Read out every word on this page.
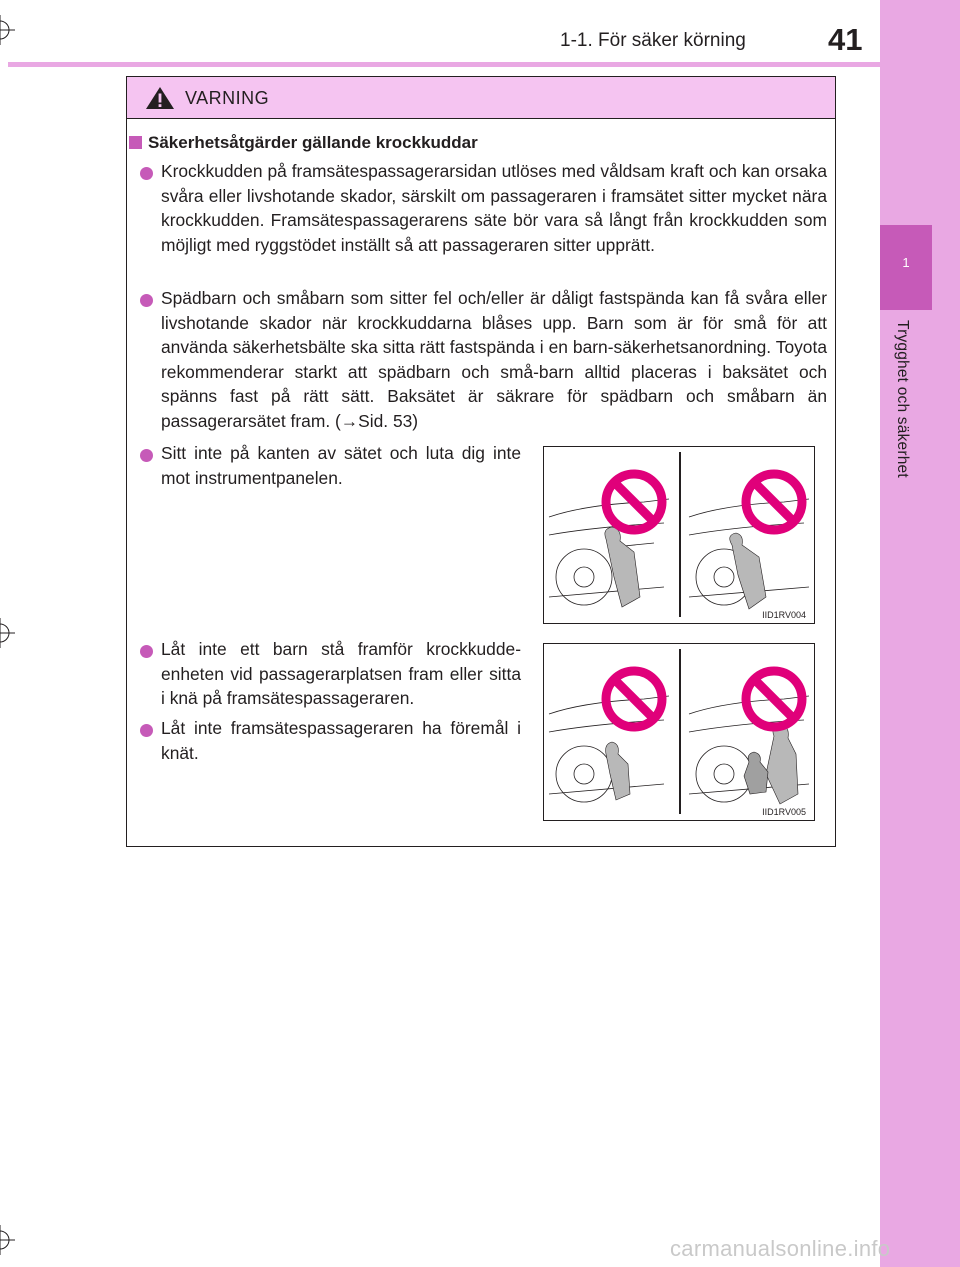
1
Trygghet och säkerhet
1-1. För säker körning	41
VARNING
Säkerhetsåtgärder gällande krockkuddar
Krockkudden på framsätespassagerarsidan utlöses med våldsam kraft och kan orsaka svåra eller livshotande skador, särskilt om passageraren i framsätet sitter mycket nära krockkudden. Framsätespassagerarens säte bör vara så långt från krockkudden som möjligt med ryggstödet inställt så att passageraren sitter upprätt.
Spädbarn och småbarn som sitter fel och/eller är dåligt fastspända kan få svåra eller livshotande skador när krockkuddarna blåses upp. Barn som är för små för att använda säkerhetsbälte ska sitta rätt fastspända i en barn-säkerhetsanordning. Toyota rekommenderar starkt att spädbarn och små-barn alltid placeras i baksätet och spänns fast på rätt sätt. Baksätet är säkrare för spädbarn och småbarn än passagerarsätet fram. (→Sid. 53)
Sitt inte på kanten av sätet och luta dig inte mot instrumentpanelen.
Låt inte ett barn stå framför krockkudde-enheten vid passagerarplatsen fram eller sitta i knä på framsätespassageraren.
Låt inte framsätespassageraren ha föremål i knät.
IID1RV004
IID1RV005
carmanualsonline.info
